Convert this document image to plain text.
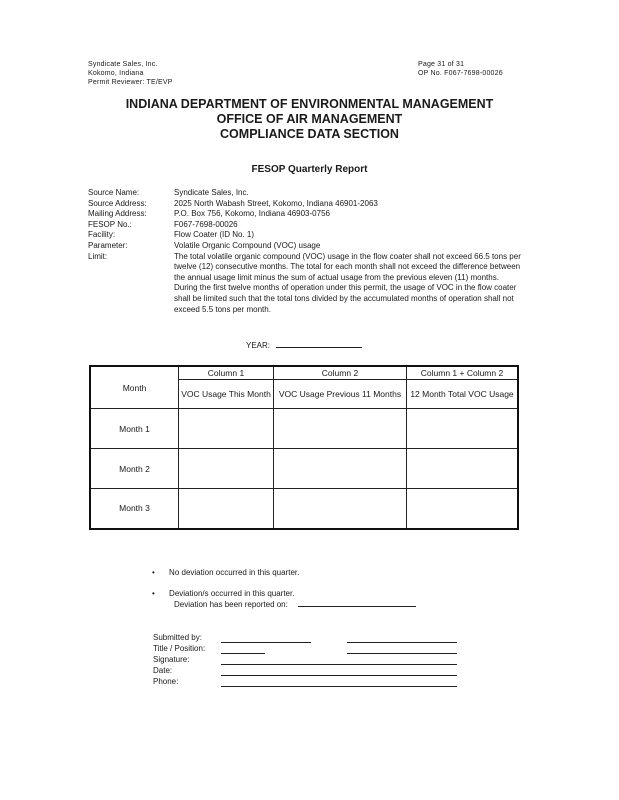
Syndicate Sales, Inc.
Kokomo, Indiana
Permit Reviewer: TE/EVP
Page 31 of 31
OP No. F067-7698-00026
INDIANA DEPARTMENT OF ENVIRONMENTAL MANAGEMENT
OFFICE OF AIR MANAGEMENT
COMPLIANCE DATA SECTION
FESOP Quarterly Report
Source Name:	Syndicate Sales, Inc.
Source Address:	2025 North Wabash Street, Kokomo, Indiana 46901-2063
Mailing Address:	P.O. Box 756, Kokomo, Indiana 46903-0756
FESOP No.:	F067-7698-00026
Facility:	Flow Coater (ID No. 1)
Parameter:	Volatile Organic Compound (VOC) usage
Limit:	The total volatile organic compound (VOC) usage in the flow coater shall not exceed 66.5 tons per twelve (12) consecutive months. The total for each month shall not exceed the difference between the annual usage limit minus the sum of actual usage from the previous eleven (11) months. During the first twelve months of operation under this permit, the usage of VOC in the flow coater shall be limited such that the total tons divided by the accumulated months of operation shall not exceed 5.5 tons per month.
YEAR:
Month	Column 1	Column 2	Column 1 + Column 2
	VOC Usage This Month	VOC Usage Previous 11 Months	12 Month Total VOC Usage
Month 1			
Month 2			
Month 3			
• No deviation occurred in this quarter.
• Deviation/s occurred in this quarter.
Deviation has been reported on:
Submitted by:
Title / Position:
Signature:
Date:
Phone:
